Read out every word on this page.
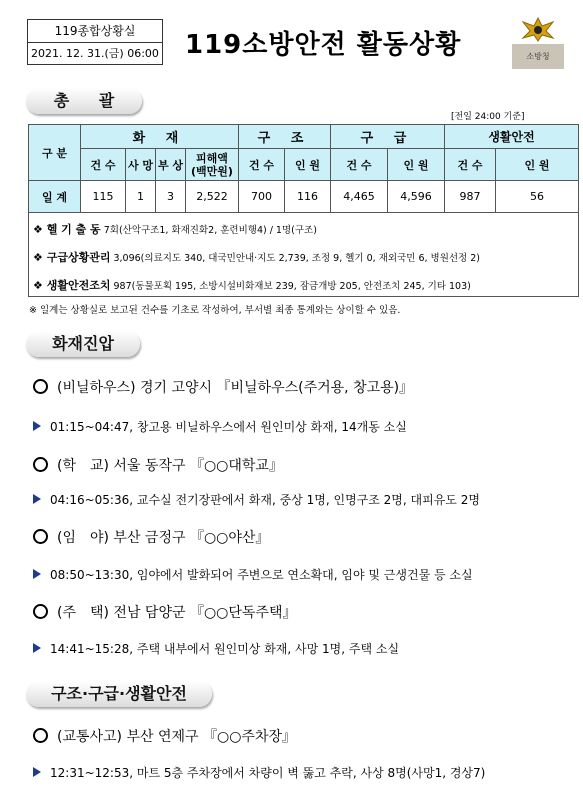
119종합상황실
2021. 12. 31.(금) 06:00 119소방안전 활동상황	소방청
총 괄
[전일 24:00 기준]
구 분	화 재				구 조		구 급		생활안전	
	건 수	사 망	부 상	피해액
(백만원)	건 수	인 원	건 수	인 원	건 수	인 원
일 계	115	1	3	2,522	700	116	4,465	4,596	987	56
❖ 헬 기 출 동 7회(산악구조1, 화재진화2, 훈련비행4) / 1명(구조)
❖ 구급상황관리 3,096(의료지도 340, 대국민안내·지도 2,739, 조정 9, 헬기 0, 재외국민 6, 병원선정 2)
❖ 생활안전조치 987(동물포획 195, 소방시설비화재보 239, 잠금개방 205, 안전조치 245, 기타 103)
※ 일계는 상황실로 보고된 건수를 기초로 작성하여, 부서별 최종 통계와는 상이할 수 있음.
화재진압
(비닐하우스) 경기 고양시 『비닐하우스(주거용, 창고용)』
01:15~04:47, 창고용 비닐하우스에서 원인미상 화재, 14개동 소실
(학　교) 서울 동작구 『○○대학교』
04:16~05:36, 교수실 전기장판에서 화재, 중상 1명, 인명구조 2명, 대피유도 2명
(임　야) 부산 금정구 『○○야산』
08:50~13:30, 임야에서 발화되어 주변으로 연소확대, 임야 및 근생건물 등 소실
(주　택) 전남 담양군 『○○단독주택』
14:41~15:28, 주택 내부에서 원인미상 화재, 사망 1명, 주택 소실
구조·구급·생활안전
(교통사고) 부산 연제구 『○○주차장』
12:31~12:53, 마트 5층 주차장에서 차량이 벽 뚫고 추락, 사상 8명(사망1, 경상7)
